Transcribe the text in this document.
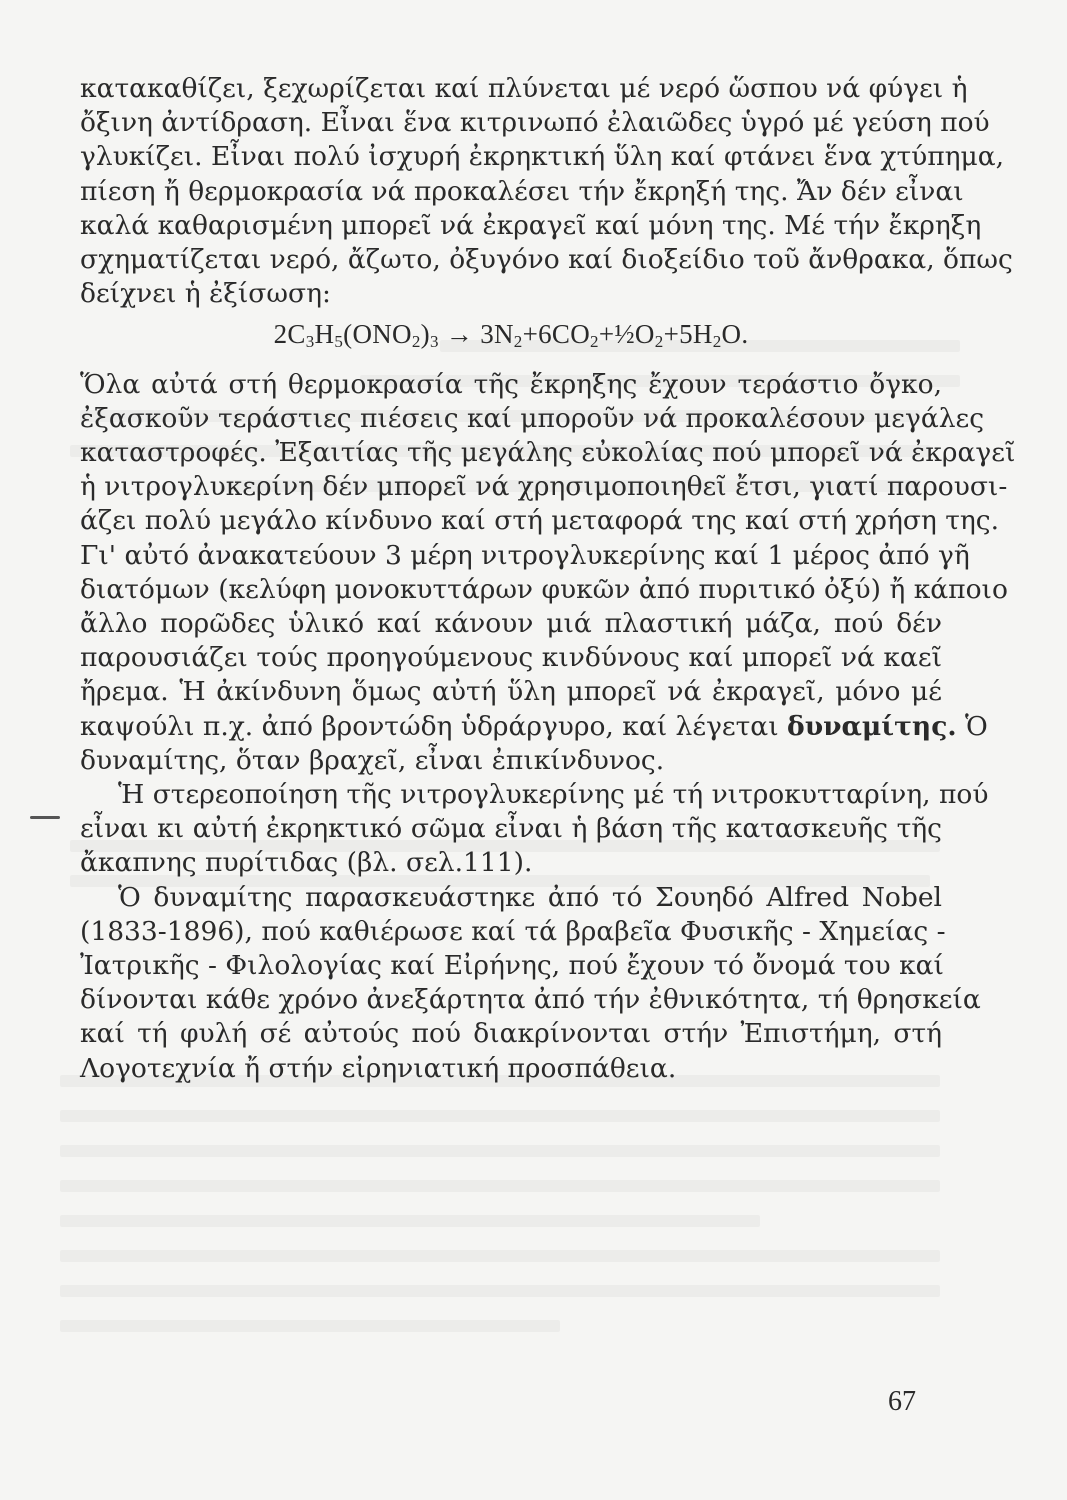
κατακαθίζει, ξεχωρίζεται καί πλύνεται μέ νερό ὥσπου νά φύγει ἡ
ὄξινη ἀντίδραση. Εἶναι ἕνα κιτρινωπό ἐλαιῶδες ὑγρό μέ γεύση πού
γλυκίζει. Εἶναι πολύ ἰσχυρή ἐκρηκτική ὕλη καί φτάνει ἕνα χτύπημα,
πίεση ἤ θερμοκρασία νά προκαλέσει τήν ἔκρηξή της. Ἄν δέν εἶναι
καλά καθαρισμένη μπορεῖ νά ἐκραγεῖ καί μόνη της. Μέ τήν ἔκρηξη
σχηματίζεται νερό, ἄζωτο, ὀξυγόνο καί διοξείδιο τοῦ ἄνθρακα, ὅπως
δείχνει ἡ ἐξίσωση:
$2C_3H_5(ONO_2)_3$ → $3N_2+6CO_2+\frac{1}{2}O_2+5H_2O$.
Ὅλα αὐτά στή θερμοκρασία τῆς ἔκρηξης ἔχουν τεράστιο ὄγκο,
ἐξασκοῦν τεράστιες πιέσεις καί μποροῦν νά προκαλέσουν μεγάλες
καταστροφές. Ἐξαιτίας τῆς μεγάλης εὐκολίας πού μπορεῖ νά ἐκραγεῖ
ἡ νιτρογλυκερίνη δέν μπορεῖ νά χρησιμοποιηθεῖ ἔτσι, γιατί παρουσι-
άζει πολύ μεγάλο κίνδυνο καί στή μεταφορά της καί στή χρήση της.
Γι' αὐτό ἀνακατεύουν 3 μέρη νιτρογλυκερίνης καί 1 μέρος ἀπό γῆ
διατόμων (κελύφη μονοκυττάρων φυκῶν ἀπό πυριτικό ὀξύ) ἤ κάποιο
ἄλλο πορῶδες ὑλικό καί κάνουν μιά πλαστική μάζα, πού δέν
παρουσιάζει τούς προηγούμενους κινδύνους καί μπορεῖ νά καεῖ
ἤρεμα. Ἡ ἀκίνδυνη ὅμως αὐτή ὕλη μπορεῖ νά ἐκραγεῖ, μόνο μέ
καψούλι π.χ. ἀπό βροντώδη ὑδράργυρο, καί λέγεται δυναμίτης. Ὁ
δυναμίτης, ὅταν βραχεῖ, εἶναι ἐπικίνδυνος.
Ἡ στερεοποίηση τῆς νιτρογλυκερίνης μέ τή νιτροκυτταρίνη, πού
εἶναι κι αὐτή ἐκρηκτικό σῶμα εἶναι ἡ βάση τῆς κατασκευῆς τῆς
ἄκαπνης πυρίτιδας (βλ. σελ.111).
Ὁ δυναμίτης παρασκευάστηκε ἀπό τό Σουηδό Alfred Nobel
(1833-1896), πού καθιέρωσε καί τά βραβεῖα Φυσικῆς - Χημείας -
Ἰατρικῆς - Φιλολογίας καί Εἰρήνης, πού ἔχουν τό ὄνομά του καί
δίνονται κάθε χρόνο ἀνεξάρτητα ἀπό τήν ἐθνικότητα, τή θρησκεία
καί τή φυλή σέ αὐτούς πού διακρίνονται στήν Ἐπιστήμη, στή
Λογοτεχνία ἤ στήν εἰρηνιατική προσπάθεια.
67
